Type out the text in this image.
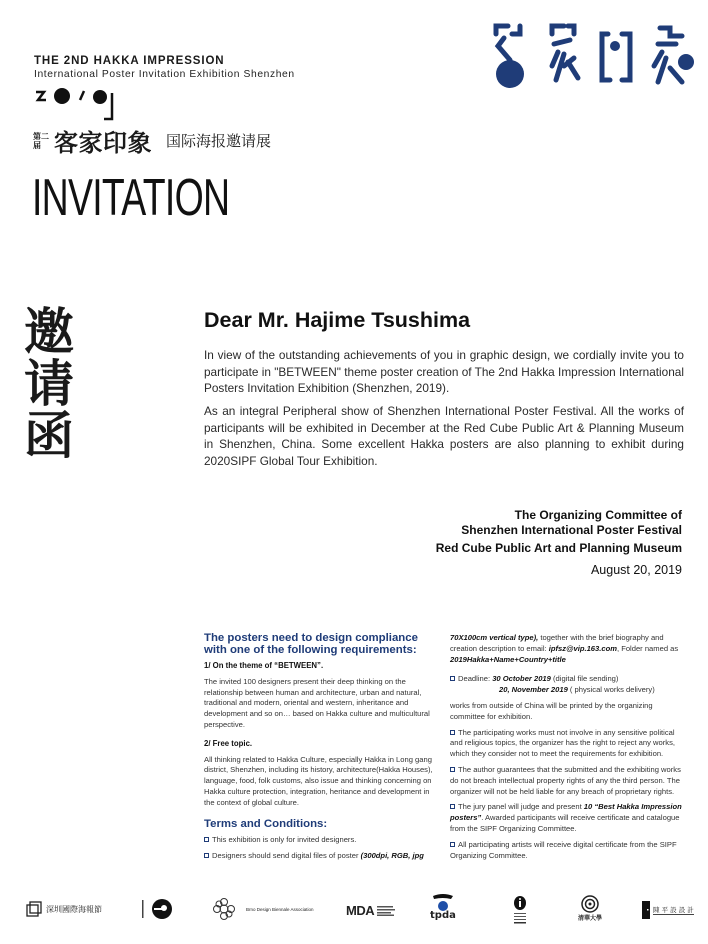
THE 2ND HAKKA IMPRESSION
International Poster Invitation Exhibition Shenzhen
第二
届 客家印象 国际海报邀请展
INVITATION
邀
请
函
Dear Mr. Hajime Tsushima
In view of the outstanding achievements of you in graphic design, we cordially invite you to participate in "BETWEEN" theme poster creation of The 2nd Hakka Impression International Posters Invitation Exhibition (Shenzhen, 2019).
As an integral Peripheral show of Shenzhen International Poster Festival. All the works of participants will be exhibited in December at the Red Cube Public Art & Planning Museum in Shenzhen, China. Some excellent Hakka posters are also planning to exhibit during 2020SIPF Global Tour Exhibition.
The Organizing Committee of
Shenzhen International Poster Festival
Red Cube Public Art and Planning Museum
August 20, 2019
The posters need to design compliance with one of the following requirements:
1/ On the theme of “BETWEEN”.

The invited 100 designers present their deep thinking on the relationship between human and architecture, urban and natural, traditional and modern, oriental and western, inheritance and development and so on… based on Hakka culture and multicultural perspective.

2/ Free topic.

All thinking related to Hakka Culture, especially Hakka in Long gang district, Shenzhen, including its history, architecture(Hakka Houses), language, food, folk customs, also issue and thinking concerning on Hakka culture protection, integration, heritance and development in the context of global culture.

Terms and Conditions:

This exhibition is only for invited designers.

Designers should send digital files of poster (300dpi, RGB, jpg

70X100cm vertical type), together with the brief biography and creation description to email: ipfsz@vip.163.com, Folder named as 2019Hakka+Name+Country+title

Deadline: 30 October 2019 (digital file sending)
20, November 2019 ( physical works delivery)

works from outside of China will be printed by the organizing committee for exhibition.

The participating works must not involve in any sensitive political and religious topics, the organizer has the right to reject any works, which they consider not to meet the requirements for exhibition.

The author guarantees that the submitted and the exhibiting works do not breach intellectual property rights of any the third person. The organizer will not be held liable for any breach of proprietary rights.

The jury panel will judge and present 10 “Best Hakka Impression posters”. Awarded participants will receive certificate and catalogue from the SIPF Organizing Committee.

All participating artists will receive digital certificate from the SIPF Organizing Committee.

深圳國際海報節	Brno Design Biennale Association MDA	tpda	清華大學
陳 平 設 設 計
